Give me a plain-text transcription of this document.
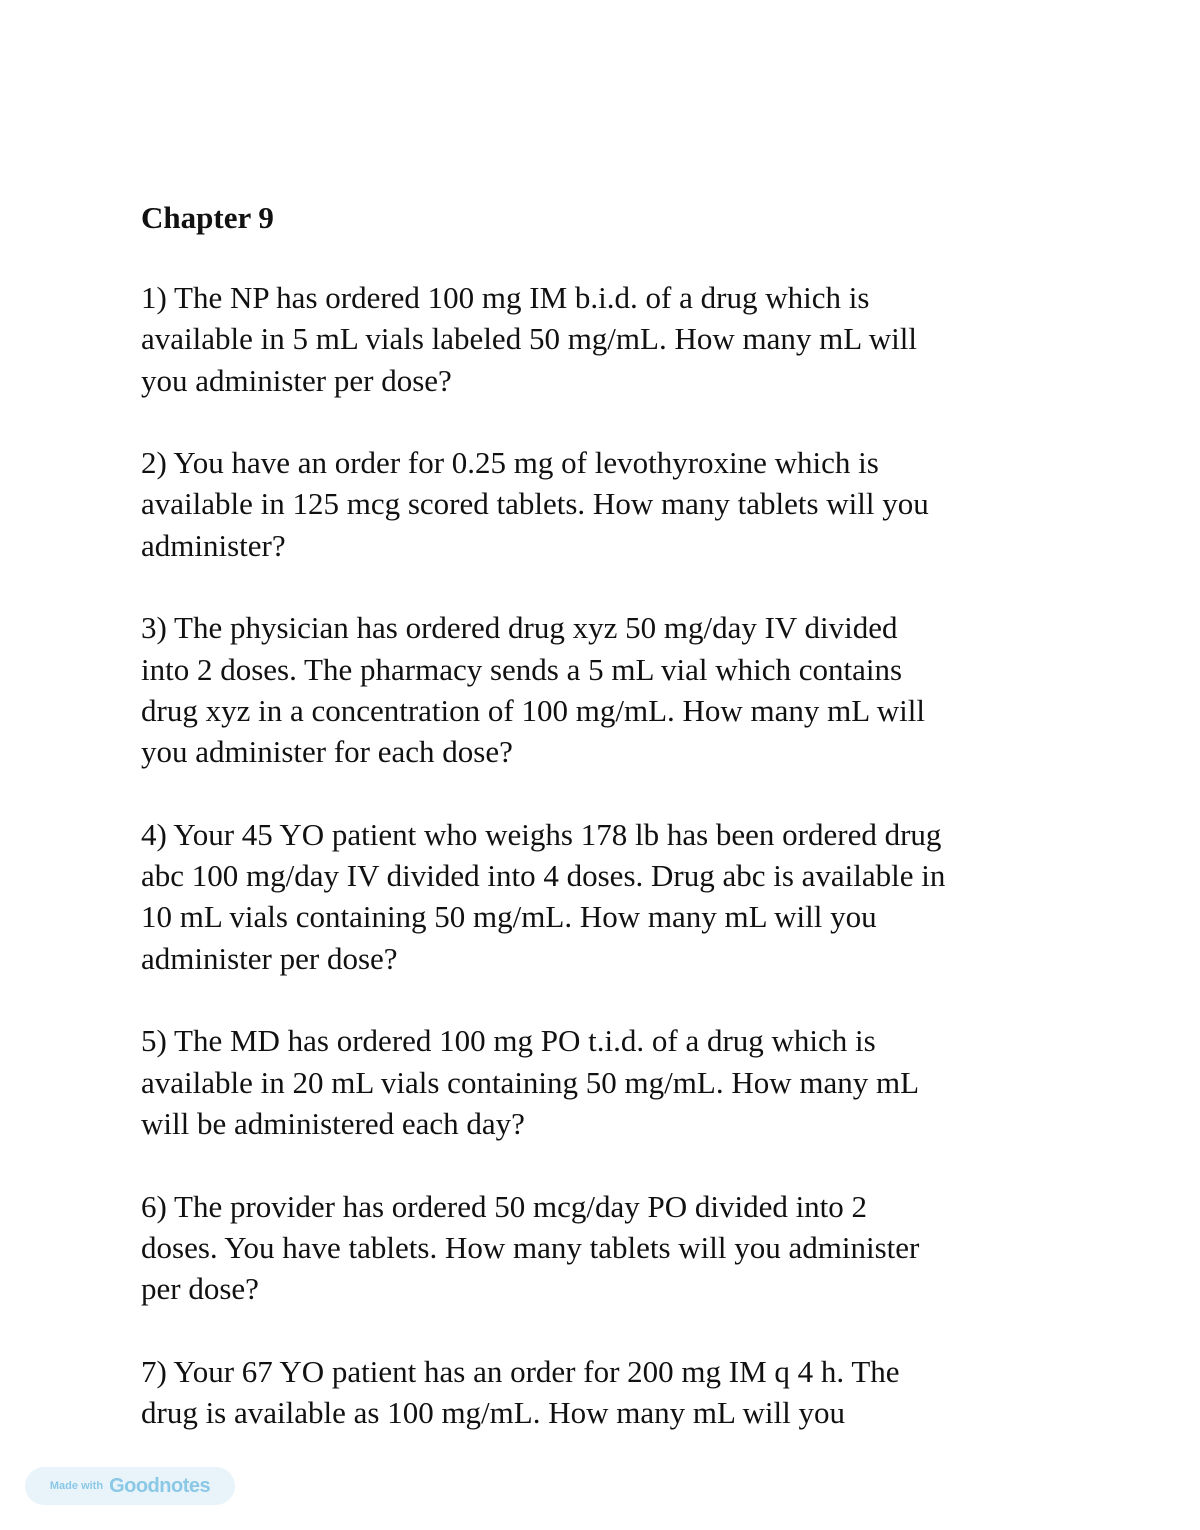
Chapter 9
1) The NP has ordered 100 mg IM b.i.d. of a drug which is
available in 5 mL vials labeled 50 mg/mL. How many mL will
you administer per dose?
2) You have an order for 0.25 mg of levothyroxine which is
available in 125 mcg scored tablets. How many tablets will you
administer?
3) The physician has ordered drug xyz 50 mg/day IV divided
into 2 doses. The pharmacy sends a 5 mL vial which contains
drug xyz in a concentration of 100 mg/mL. How many mL will
you administer for each dose?
4) Your 45 YO patient who weighs 178 lb has been ordered drug
abc 100 mg/day IV divided into 4 doses. Drug abc is available in
10 mL vials containing 50 mg/mL. How many mL will you
administer per dose?
5) The MD has ordered 100 mg PO t.i.d. of a drug which is
available in 20 mL vials containing 50 mg/mL. How many mL
will be administered each day?
6) The provider has ordered 50 mcg/day PO divided into 2
doses. You have tablets. How many tablets will you administer
per dose?
7) Your 67 YO patient has an order for 200 mg IM q 4 h. The
drug is available as 100 mg/mL. How many mL will you
Made with Goodnotes
